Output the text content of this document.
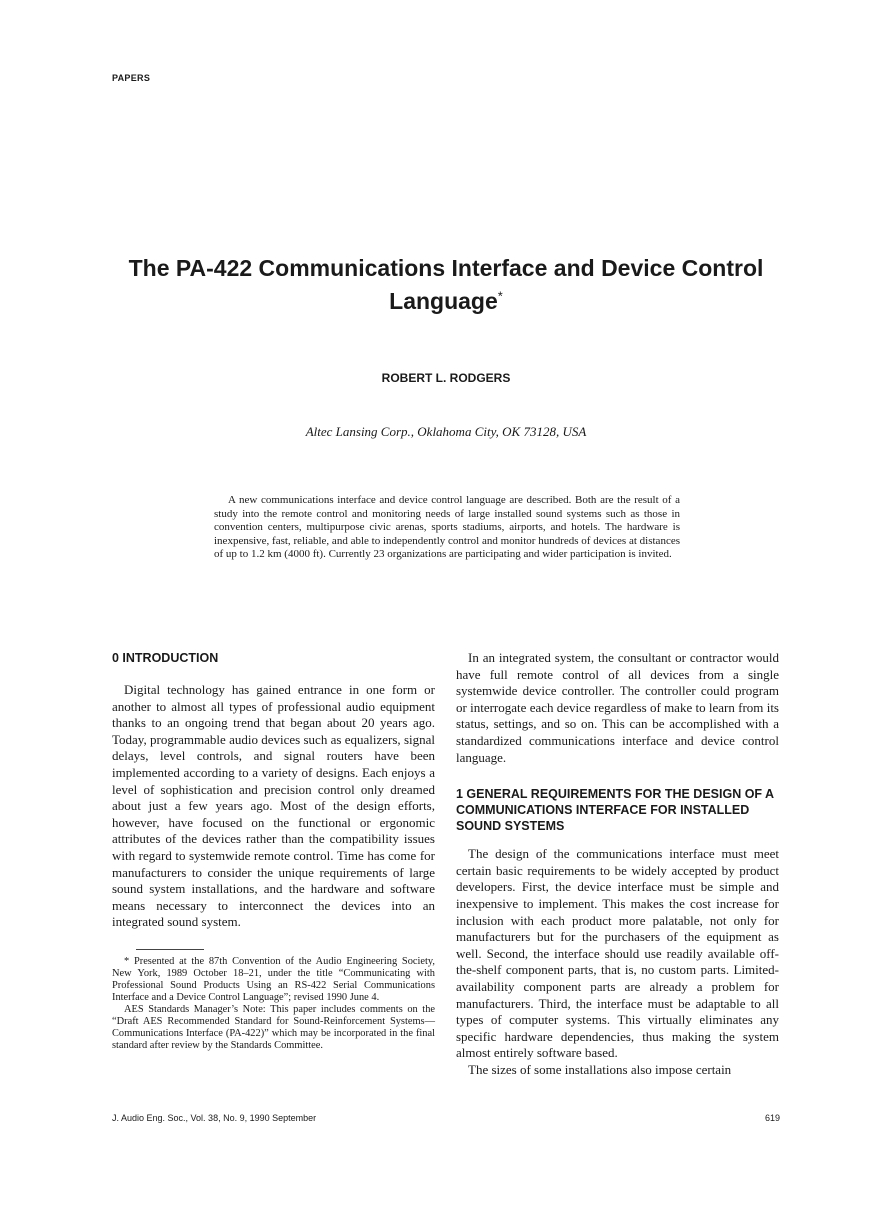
PAPERS
The PA-422 Communications Interface and Device Control Language*
ROBERT L. RODGERS
Altec Lansing Corp., Oklahoma City, OK 73128, USA

A new communications interface and device control language are described. Both are the result of a study into the remote control and monitoring needs of large installed sound systems such as those in convention centers, multipurpose civic arenas, sports stadiums, airports, and hotels. The hardware is inexpensive, fast, reliable, and able to independently control and monitor hundreds of devices at distances of up to 1.2 km (4000 ft). Currently 23 organizations are participating and wider participation is invited.

0 INTRODUCTION

Digital technology has gained entrance in one form or another to almost all types of professional audio equipment thanks to an ongoing trend that began about 20 years ago. Today, programmable audio devices such as equalizers, signal delays, level controls, and signal routers have been implemented according to a variety of designs. Each enjoys a level of sophistication and precision control only dreamed about just a few years ago. Most of the design efforts, however, have focused on the functional or ergonomic attributes of the devices rather than the compatibility issues with regard to systemwide remote control. Time has come for manufacturers to consider the unique requirements of large sound system installations, and the hardware and software means necessary to interconnect the devices into an integrated sound system.

* Presented at the 87th Convention of the Audio Engineering Society, New York, 1989 October 18–21, under the title “Communicating with Professional Sound Products Using an RS-422 Serial Communications Interface and a Device Control Language”; revised 1990 June 4.

AES Standards Manager’s Note: This paper includes comments on the “Draft AES Recommended Standard for Sound-Reinforcement Systems—Communications Interface (PA-422)” which may be incorporated in the final standard after review by the Standards Committee.

In an integrated system, the consultant or contractor would have full remote control of all devices from a single systemwide device controller. The controller could program or interrogate each device regardless of make to learn from its status, settings, and so on. This can be accomplished with a standardized communications interface and device control language.

1 GENERAL REQUIREMENTS FOR THE DESIGN OF A COMMUNICATIONS INTERFACE FOR INSTALLED SOUND SYSTEMS

The design of the communications interface must meet certain basic requirements to be widely accepted by product developers. First, the device interface must be simple and inexpensive to implement. This makes the cost increase for inclusion with each product more palatable, not only for manufacturers but for the purchasers of the equipment as well. Second, the interface should use readily available off-the-shelf component parts, that is, no custom parts. Limited-availability component parts are already a problem for manufacturers. Third, the interface must be adaptable to all types of computer systems. This virtually eliminates any specific hardware dependencies, thus making the system almost entirely software based.

The sizes of some installations also impose certain

J. Audio Eng. Soc., Vol. 38, No. 9, 1990 September	619
